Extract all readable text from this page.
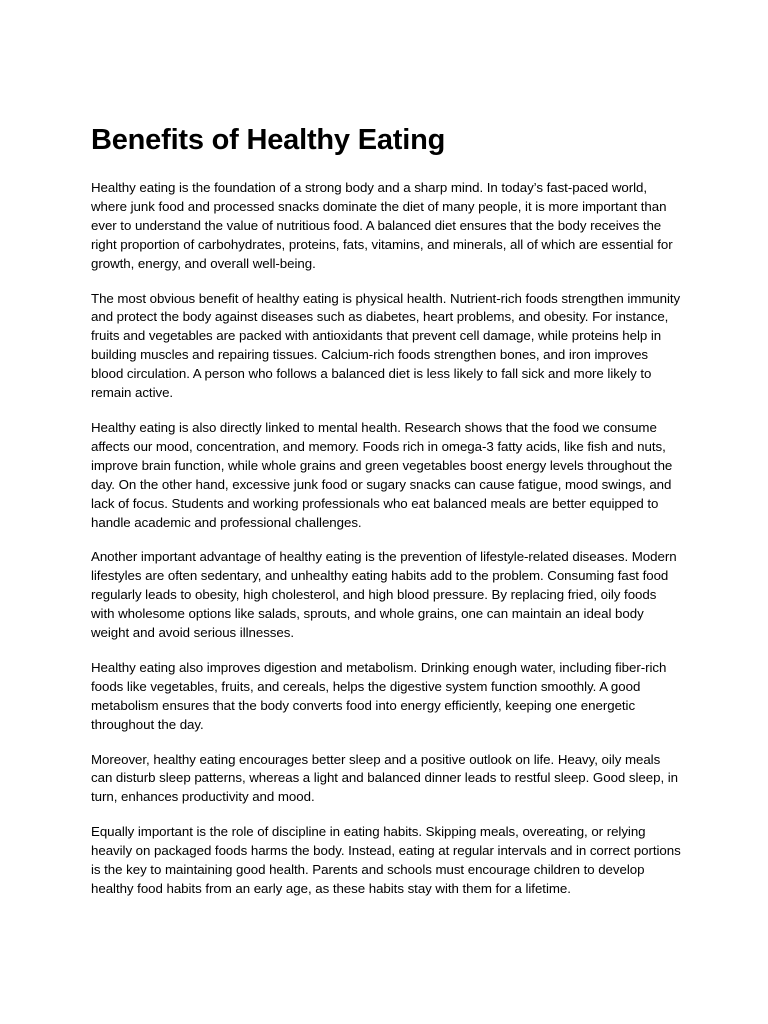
Benefits of Healthy Eating

Healthy eating is the foundation of a strong body and a sharp mind. In today’s fast-paced world, where junk food and processed snacks dominate the diet of many people, it is more important than ever to understand the value of nutritious food. A balanced diet ensures that the body receives the right proportion of carbohydrates, proteins, fats, vitamins, and minerals, all of which are essential for growth, energy, and overall well-being.

The most obvious benefit of healthy eating is physical health. Nutrient-rich foods strengthen immunity and protect the body against diseases such as diabetes, heart problems, and obesity. For instance, fruits and vegetables are packed with antioxidants that prevent cell damage, while proteins help in building muscles and repairing tissues. Calcium-rich foods strengthen bones, and iron improves blood circulation. A person who follows a balanced diet is less likely to fall sick and more likely to remain active.

Healthy eating is also directly linked to mental health. Research shows that the food we consume affects our mood, concentration, and memory. Foods rich in omega-3 fatty acids, like fish and nuts, improve brain function, while whole grains and green vegetables boost energy levels throughout the day. On the other hand, excessive junk food or sugary snacks can cause fatigue, mood swings, and lack of focus. Students and working professionals who eat balanced meals are better equipped to handle academic and professional challenges.

Another important advantage of healthy eating is the prevention of lifestyle-related diseases. Modern lifestyles are often sedentary, and unhealthy eating habits add to the problem. Consuming fast food regularly leads to obesity, high cholesterol, and high blood pressure. By replacing fried, oily foods with wholesome options like salads, sprouts, and whole grains, one can maintain an ideal body weight and avoid serious illnesses.

Healthy eating also improves digestion and metabolism. Drinking enough water, including fiber-rich foods like vegetables, fruits, and cereals, helps the digestive system function smoothly. A good metabolism ensures that the body converts food into energy efficiently, keeping one energetic throughout the day.

Moreover, healthy eating encourages better sleep and a positive outlook on life. Heavy, oily meals can disturb sleep patterns, whereas a light and balanced dinner leads to restful sleep. Good sleep, in turn, enhances productivity and mood.

Equally important is the role of discipline in eating habits. Skipping meals, overeating, or relying heavily on packaged foods harms the body. Instead, eating at regular intervals and in correct portions is the key to maintaining good health. Parents and schools must encourage children to develop healthy food habits from an early age, as these habits stay with them for a lifetime.
